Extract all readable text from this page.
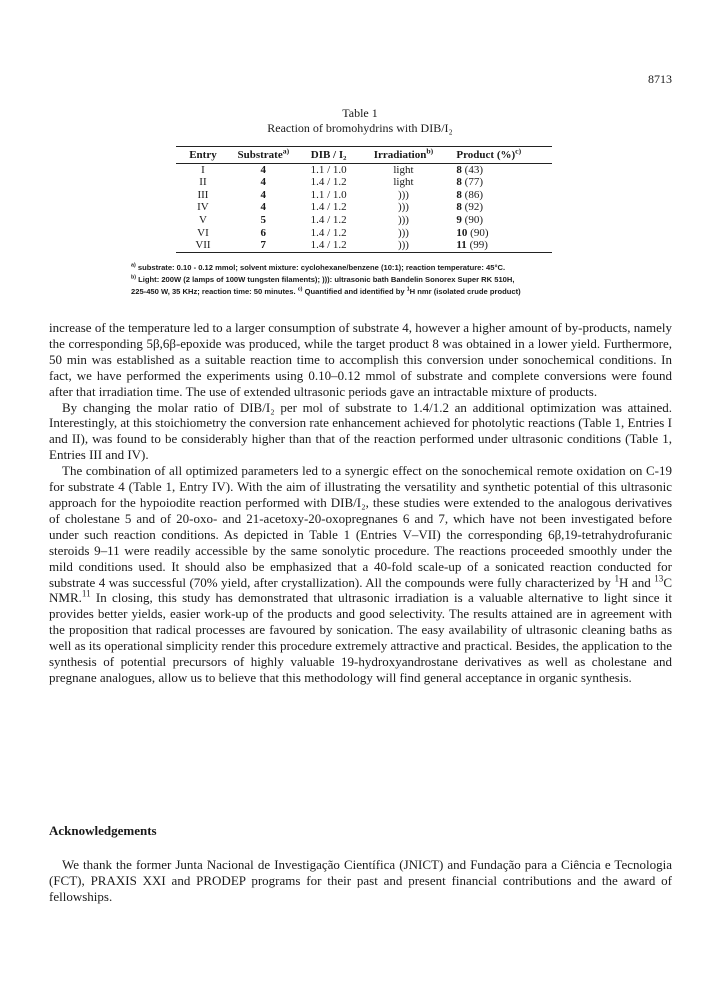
8713
Table 1
Reaction of bromohydrins with DIB/I₂
Entry	Substrate$^{a)}$	DIB / I₂	Irradiation$^{b)}$	Product (%)$^{c)}$
I	4	1.1 / 1.0	light	8 (43)
II	4	1.4 / 1.2	light	8 (77)
III	4	1.1 / 1.0	)))	8 (86)
IV	4	1.4 / 1.2	)))	8 (92)
V	5	1.4 / 1.2	)))	9 (90)
VI	6	1.4 / 1.2	)))	10 (90)
VII	7	1.4 / 1.2	)))	11 (99)
$^{a)}$ substrate: 0.10 - 0.12 mmol; solvent mixture: cyclohexane/benzene (10:1); reaction temperature: 45°C.
$^{b)}$ Light: 200W (2 lamps of 100W tungsten filaments); ))): ultrasonic bath Bandelin Sonorex Super RK 510H,
225-450 W, 35 KHz; reaction time: 50 minutes. $^{c)}$ Quantified and identified by $^1$H nmr (isolated crude product)

increase of the temperature led to a larger consumption of substrate 4, however a higher amount of by-products, namely the corresponding 5β,6β-epoxide was produced, while the target product 8 was obtained in a lower yield. Furthermore, 50 min was established as a suitable reaction time to accomplish this conversion under sonochemical conditions. In fact, we have performed the experiments using 0.10–0.12 mmol of substrate and complete conversions were found after that irradiation time. The use of extended ultrasonic periods gave an intractable mixture of products.

By changing the molar ratio of DIB/I₂ per mol of substrate to 1.4/1.2 an additional optimization was attained. Interestingly, at this stoichiometry the conversion rate enhancement achieved for photolytic reactions (Table 1, Entries I and II), was found to be considerably higher than that of the reaction performed under ultrasonic conditions (Table 1, Entries III and IV).

The combination of all optimized parameters led to a synergic effect on the sonochemical remote oxidation on C-19 for substrate 4 (Table 1, Entry IV). With the aim of illustrating the versatility and synthetic potential of this ultrasonic approach for the hypoiodite reaction performed with DIB/I₂, these studies were extended to the analogous derivatives of cholestane 5 and of 20-oxo- and 21-acetoxy-20-oxopregnanes 6 and 7, which have not been investigated before under such reaction conditions. As depicted in Table 1 (Entries V–VII) the corresponding 6β,19-tetrahydrofuranic steroids 9–11 were readily accessible by the same sonolytic procedure. The reactions proceeded smoothly under the mild conditions used. It should also be emphasized that a 40-fold scale-up of a sonicated reaction conducted for substrate 4 was successful (70% yield, after crystallization). All the compounds were fully characterized by $^1$H and $^{13}$C NMR.$^{11}$ In closing, this study has demonstrated that ultrasonic irradiation is a valuable alternative to light since it provides better yields, easier work-up of the products and good selectivity. The results attained are in agreement with the proposition that radical processes are favoured by sonication. The easy availability of ultrasonic cleaning baths as well as its operational simplicity render this procedure extremely attractive and practical. Besides, the application to the synthesis of potential precursors of highly valuable 19-hydroxyandrostane derivatives as well as cholestane and pregnane analogues, allow us to believe that this methodology will find general acceptance in organic synthesis.

Acknowledgements

We thank the former Junta Nacional de Investigação Científica (JNICT) and Fundação para a Ciência e Tecnologia (FCT), PRAXIS XXI and PRODEP programs for their past and present financial contributions and the award of fellowships.
